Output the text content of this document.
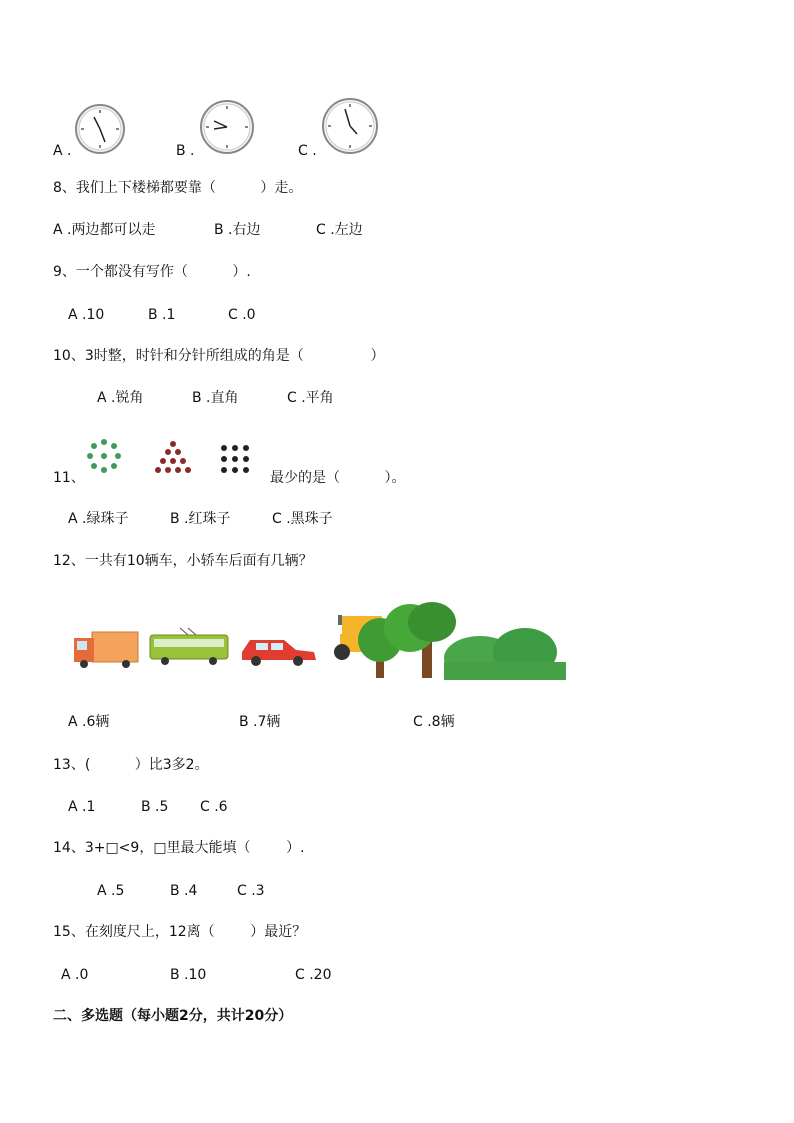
A .	B .	C .
8、我们上下楼梯都要靠（          ）走。
A .两边都可以走	B .右边	C .左边
9、一个都没有写作（          ）.
A .10	B .1	C .0
10、3时整，时针和分针所组成的角是（               ）
A .锐角	B .直角	C .平角
11、	最少的是（          ）。
A .绿珠子	B .红珠子	C .黑珠子
12、一共有10辆车，小轿车后面有几辆？
A .6辆	B .7辆	C .8辆
13、(          ）比3多2。
A .1	B .5 C .6
14、3+□<9，□里最大能填（        ）.
A .5	B .4	C .3
15、在刻度尺上，12离（        ）最近？
A .0	B .10	C .20
二、多选题（每小题2分，共计20分）
